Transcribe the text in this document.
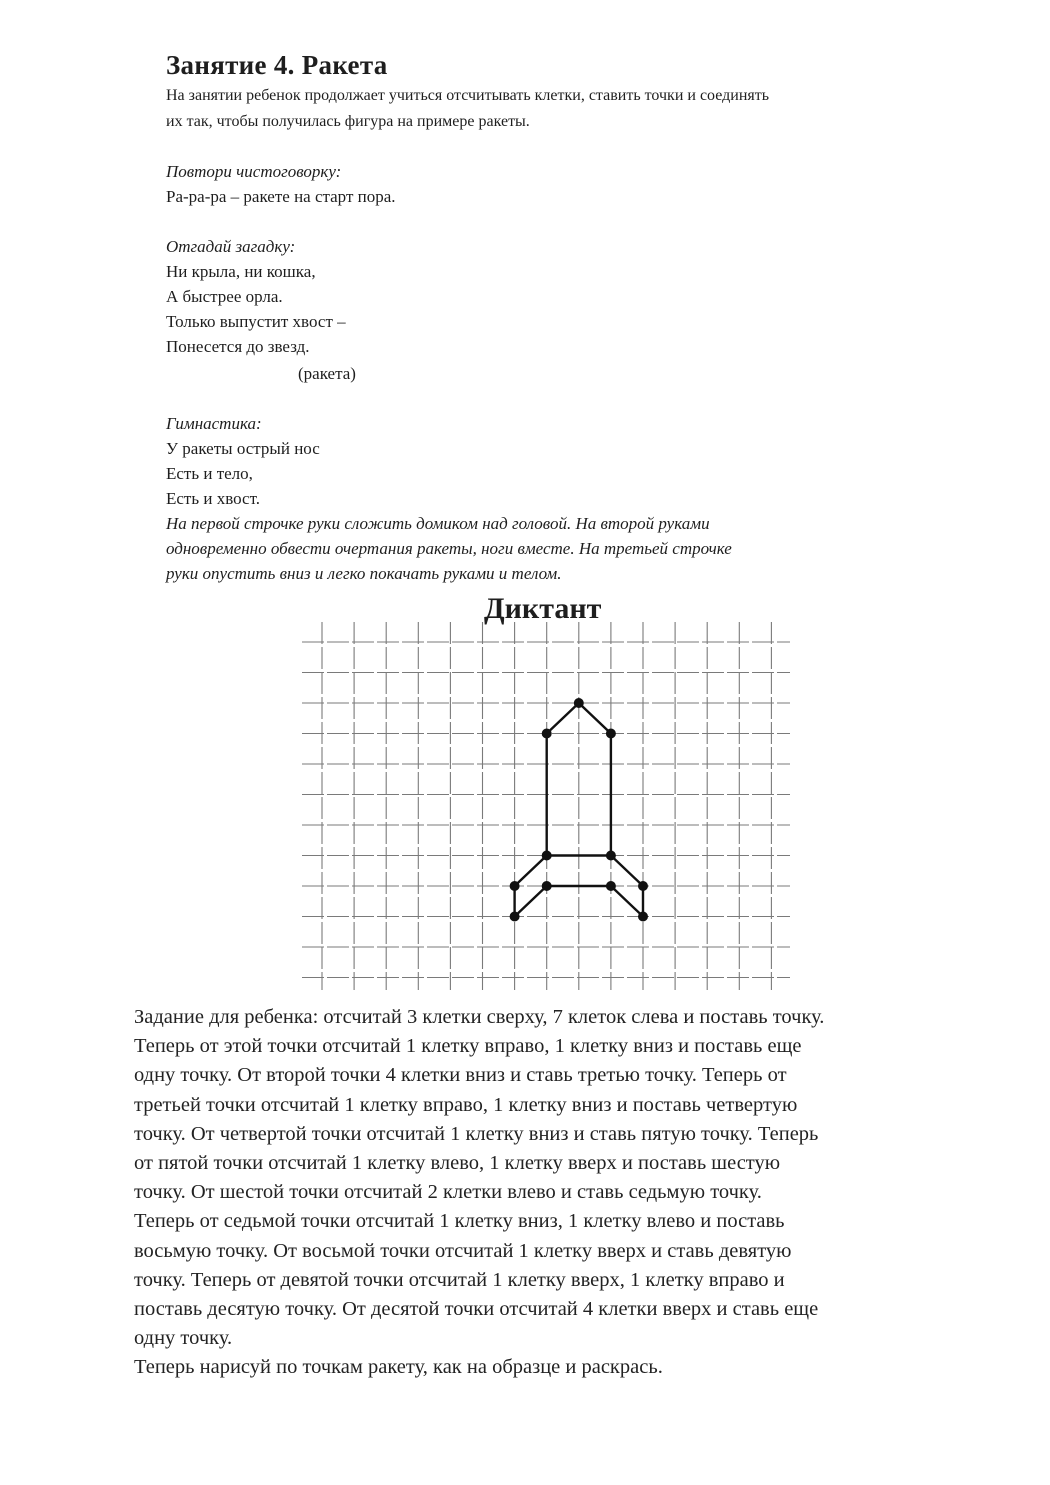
Занятие 4. Ракета
На занятии ребенок продолжает учиться отсчитывать клетки, ставить точки и соединять
их так, чтобы получилась фигура на примере ракеты.
Повтори чистоговорку:
Ра-ра-ра – ракете на старт пора.
Отгадай загадку:
Ни крыла, ни кошка,
А быстрее орла.
Только выпустит хвост –
Понесется до звезд.
(ракета)
Гимнастика:
У ракеты острый нос
Есть и тело,
Есть и хвост.
На первой строчке руки сложить домиком над головой. На второй руками
одновременно обвести очертания ракеты, ноги вместе. На третьей строчке
руки опустить вниз и легко покачать руками и телом.
Диктант
Задание для ребенка: отсчитай 3 клетки сверху, 7 клеток слева и поставь точку.
Теперь от этой точки отсчитай 1 клетку вправо, 1 клетку вниз и поставь еще
одну точку. От второй точки 4 клетки вниз и ставь третью точку. Теперь от
третьей точки отсчитай 1 клетку вправо, 1 клетку вниз и поставь четвертую
точку. От четвертой точки отсчитай 1 клетку вниз и ставь пятую точку. Теперь
от пятой точки отсчитай 1 клетку влево, 1 клетку вверх и поставь шестую
точку. От шестой точки отсчитай 2 клетки влево и ставь седьмую точку.
Теперь от седьмой точки отсчитай 1 клетку вниз, 1 клетку влево и поставь
восьмую точку. От восьмой точки отсчитай 1 клетку вверх и ставь девятую
точку. Теперь от девятой точки отсчитай 1 клетку вверх, 1 клетку вправо и
поставь десятую точку. От десятой точки отсчитай 4 клетки вверх и ставь еще
одну точку.
Теперь нарисуй по точкам ракету, как на образце и раскрась.
